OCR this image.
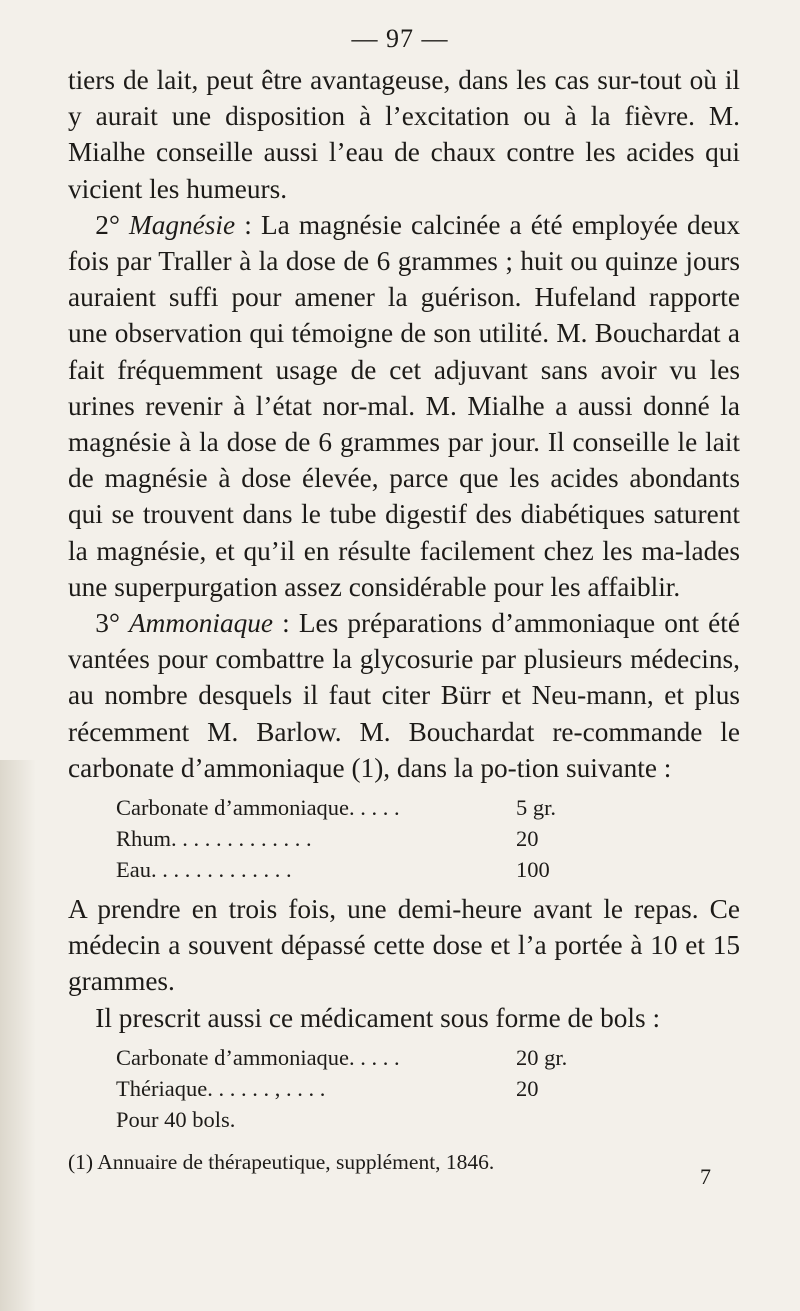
— 97 —

tiers de lait, peut être avantageuse, dans les cas sur-tout où il y aurait une disposition à l’excitation ou à la fièvre. M. Mialhe conseille aussi l’eau de chaux contre les acides qui vicient les humeurs.

 2° Magnésie : La magnésie calcinée a été employée deux fois par Traller à la dose de 6 grammes ; huit ou quinze jours auraient suffi pour amener la guérison. Hufeland rapporte une observation qui témoigne de son utilité. M. Bouchardat a fait fréquemment usage de cet adjuvant sans avoir vu les urines revenir à l’état nor-mal. M. Mialhe a aussi donné la magnésie à la dose de 6 grammes par jour. Il conseille le lait de magnésie à dose élevée, parce que les acides abondants qui se trouvent dans le tube digestif des diabétiques saturent la magnésie, et qu’il en résulte facilement chez les ma-lades une superpurgation assez considérable pour les affaiblir.

 3° Ammoniaque : Les préparations d’ammoniaque ont été vantées pour combattre la glycosurie par plusieurs médecins, au nombre desquels il faut citer Bürr et Neu-mann, et plus récemment M. Barlow. M. Bouchardat re-commande le carbonate d’ammoniaque (1), dans la po-tion suivante :

Carbonate d’ammoniaque. . . . .	5 gr.
Rhum. . . . . . . . . . . . .	20
Eau. . . . . . . . . . . . .	100

A prendre en trois fois, une demi-heure avant le repas. Ce médecin a souvent dépassé cette dose et l’a portée à 10 et 15 grammes.

 Il prescrit aussi ce médicament sous forme de bols :

Carbonate d’ammoniaque. . . . .	20 gr.
Thériaque. . . . . . , . . . .	20
Pour 40 bols.
(1) Annuaire de thérapeutique, supplément, 1846.
7
